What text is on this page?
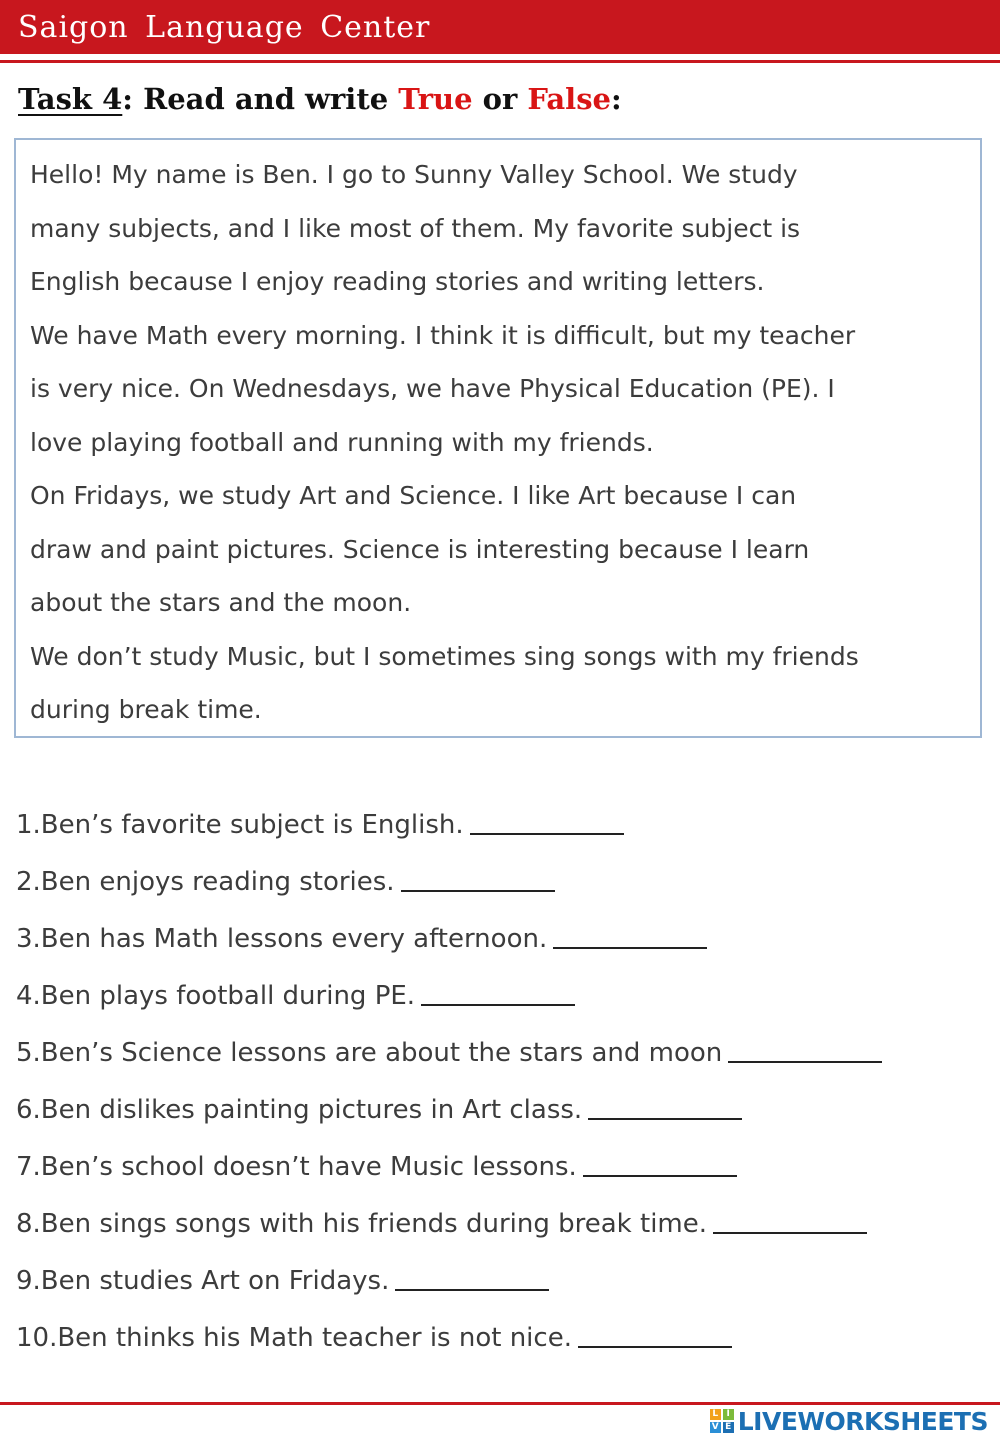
Saigon Language Center
Task 4: Read and write True or False:
Hello! My name is Ben. I go to Sunny Valley School. We study
many subjects, and I like most of them. My favorite subject is
English because I enjoy reading stories and writing letters.
We have Math every morning. I think it is difficult, but my teacher
is very nice. On Wednesdays, we have Physical Education (PE). I
love playing football and running with my friends.
On Fridays, we study Art and Science. I like Art because I can
draw and paint pictures. Science is interesting because I learn
about the stars and the moon.
We don’t study Music, but I sometimes sing songs with my friends
during break time.
1.Ben’s favorite subject is English.
2.Ben enjoys reading stories.
3.Ben has Math lessons every afternoon.
4.Ben plays football during PE.
5.Ben’s Science lessons are about the stars and moon
6.Ben dislikes painting pictures in Art class.
7.Ben’s school doesn’t have Music lessons.
8.Ben sings songs with his friends during break time.
9.Ben studies Art on Fridays.
10.Ben thinks his Math teacher is not nice.
L I
V E LIVEWORKSHEETS
